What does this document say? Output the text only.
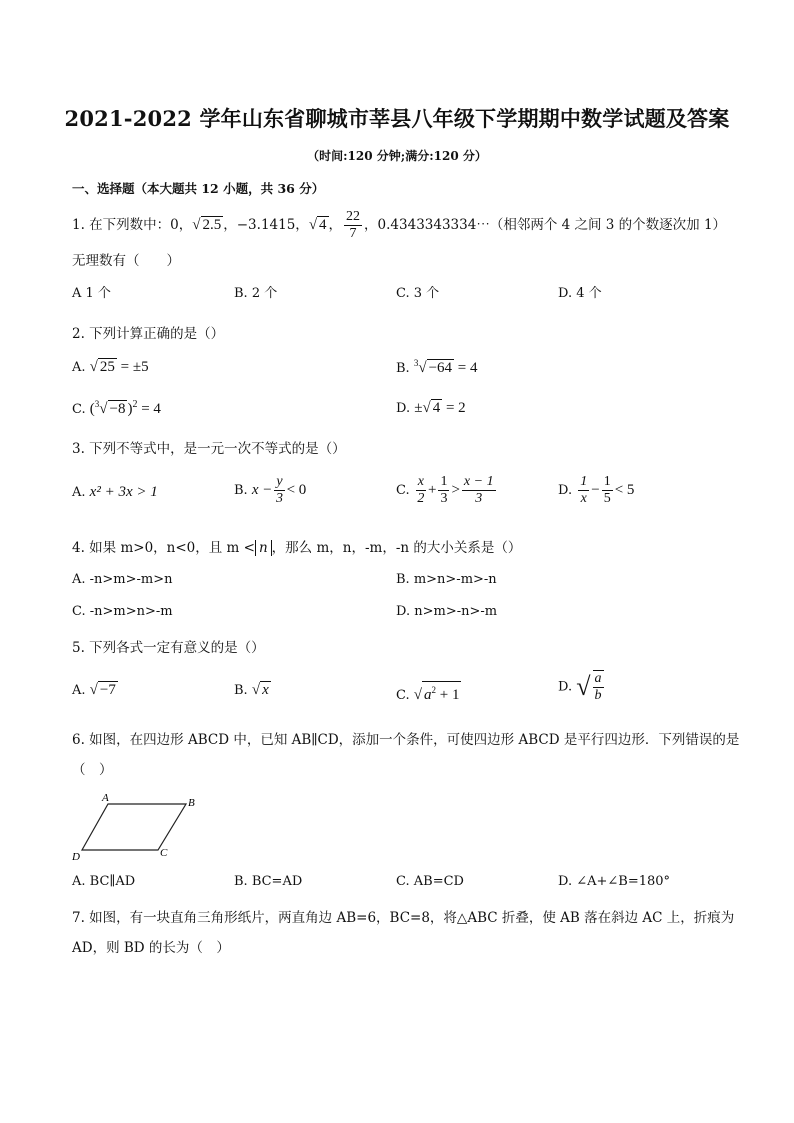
2021-2022 学年山东省聊城市莘县八年级下学期期中数学试题及答案
（时间:120 分钟;满分:120 分）
一、选择题（本大题共 12 小题，共 36 分）
1. 在下列数中：0，√ 2.5 ，−3.1415，√ 4 ， $\frac{22}{7}$ ，0.4343343334⋯（相邻两个 4 之间 3 的个数逐次加 1）
无理数有（　　）
A 1 个	B. 2 个	C. 3 个	D. 4 个
2. 下列计算正确的是（）
A. √ 25 = ±5	B. $^3$√ −64 = 4
C. ($^3$√ −8 )$^2$ = 4	D. ±√ 4 = 2
3. 下列不等式中，是一元一次不等式的是（）
A. x² + 3x > 1	B. $x - \frac{y}{3} < 0$	C. $\frac{x}{2} + \frac{1}{3} > \frac{x - 1}{3}$	D. $\frac{1}{x} - \frac{1}{5} < 5$
4. 如果 m>0，n<0，且 m < n ，那么 m，n，-m，-n 的大小关系是（）
A. -n>m>-m>n	B. m>n>-m>-n
C. -n>m>n>-m	D. n>m>-n>-m
5. 下列各式一定有意义的是（）
A. √ −7	B. √ x	C. √ $a^2 + 1$	D. √ $\frac{a}{b}$
6. 如图，在四边形 ABCD 中，已知 AB∥CD，添加一个条件，可使四边形 ABCD 是平行四边形．下列错误的是
（　）
A	B
C
D
A. BC∥AD	B. BC=AD	C. AB=CD	D. ∠A+∠B=180°
7. 如图，有一块直角三角形纸片，两直角边 AB=6，BC=8，将△ABC 折叠，使 AB 落在斜边 AC 上，折痕为
AD，则 BD 的长为（　）
